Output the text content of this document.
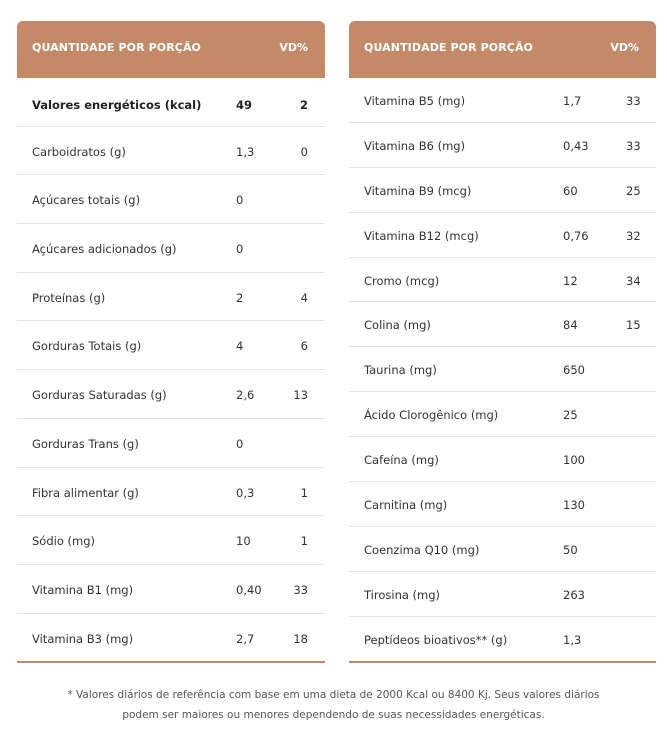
QUANTIDADE POR PORÇÃO	VD%
Valores energéticos (kcal)	49	2
Carboidratos (g)	1,3	0
Açúcares totais (g)	0
Açúcares adicionados (g)	0
Proteínas (g)	2	4
Gorduras Totais (g)	4	6
Gorduras Saturadas (g)	2,6	13
Gorduras Trans (g)	0
Fibra alimentar (g)	0,3	1
Sódio (mg)	10	1
Vitamina B1 (mg)	0,40	33
Vitamina B3 (mg)	2,7	18
QUANTIDADE POR PORÇÃO	VD%
Vitamina B5 (mg)	1,7	33
Vitamina B6 (mg)	0,43	33
Vitamina B9 (mcg)	60	25
Vitamina B12 (mcg)	0,76	32
Cromo (mcg)	12	34
Colina (mg)	84	15
Taurina (mg)	650
Ácido Clorogênico (mg)	25
Cafeína (mg)	100
Carnitina (mg)	130
Coenzima Q10 (mg)	50
Tirosina (mg)	263
Peptídeos bioativos** (g)	1,3
* Valores diários de referência com base em uma dieta de 2000 Kcal ou 8400 Kj. Seus valores diários
podem ser maiores ou menores dependendo de suas necessidades energéticas.
